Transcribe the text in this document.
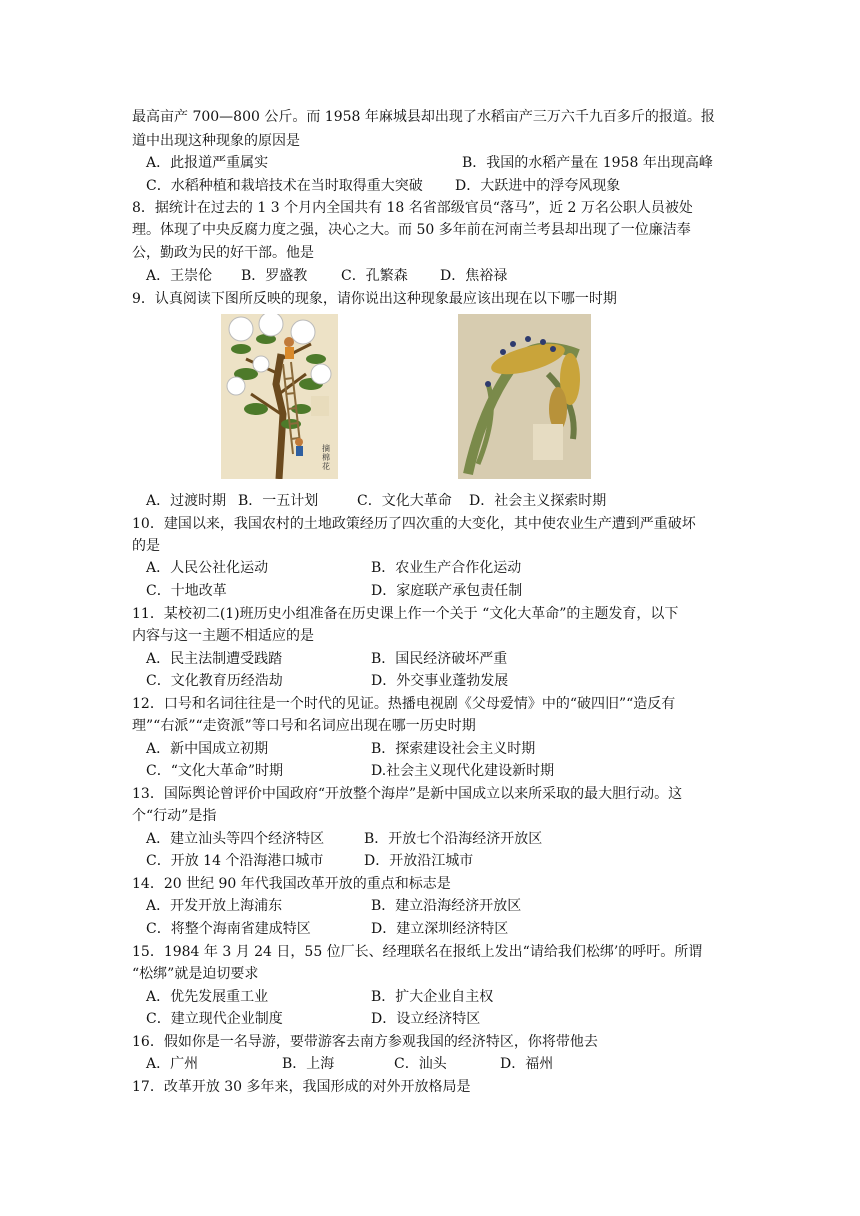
最高亩产 700—800 公斤。而 1958 年麻城县却出现了水稻亩产三万六千九百多斤的报道。报
道中出现这种现象的原因是
A．此报道严重属实	B．我国的水稻产量在 1958 年出现高峰
C．水稻种植和栽培技术在当时取得重大突破 D．大跃进中的浮夸风现象
8．据统计在过去的 1 3 个月内全国共有 18 名省部级官员“落马”，近 2 万名公职人员被处
理。体现了中央反腐力度之强，决心之大。而 50 多年前在河南兰考县却出现了一位廉洁奉
公，勤政为民的好干部。他是
A．王崇伦 B．罗盛教 C．孔繁森 D．焦裕禄
9．认真阅读下图所反映的现象，请你说出这种现象最应该出现在以下哪一时期
摘棉花
A．过渡时期 B．一五计划	C．文化大革命 D．社会主义探索时期
10．建国以来，我国农村的土地政策经历了四次重的大变化，其中使农业生产遭到严重破坏
的是
A．人民公社化运动	B．农业生产合作化运动
C．十地改革	D．家庭联产承包责任制
11．某校初二(1)班历史小组准备在历史课上作一个关于 “文化大革命”的主题发育，以下
内容与这一主题不相适应的是
A．民主法制遭受践踏	B．国民经济破坏严重
C．文化教育历经浩劫	D．外交事业蓬勃发展
12．口号和名词往往是一个时代的见证。热播电视剧《父母爱情》中的“破四旧”“造反有
理”“右派”“走资派”等口号和名词应出现在哪一历史时期
A．新中国成立初期	B．探索建设社会主义时期
C．“文化大革命”时期	D.社会主义现代化建设新时期
13．国际舆论曾评价中国政府“开放整个海岸”是新中国成立以来所采取的最大胆行动。这
个“行动”是指
A．建立汕头等四个经济特区	B．开放七个沿海经济开放区
C．开放 14 个沿海港口城市	D．开放沿江城市
14．20 世纪 90 年代我国改革开放的重点和标志是
A．开发开放上海浦东	B．建立沿海经济开放区
C．将整个海南省建成特区	D．建立深圳经济特区
15．1984 年 3 月 24 日，55 位厂长、经理联名在报纸上发出“请给我们松绑’的呼吁。所谓
“松绑”就是迫切要求
A．优先发展重工业	B．扩大企业自主权
C．建立现代企业制度	D．设立经济特区
16．假如你是一名导游，要带游客去南方参观我国的经济特区，你将带他去
A．广州	B．上海	C．汕头	D．福州
17．改革开放 30 多年来，我国形成的对外开放格局是
